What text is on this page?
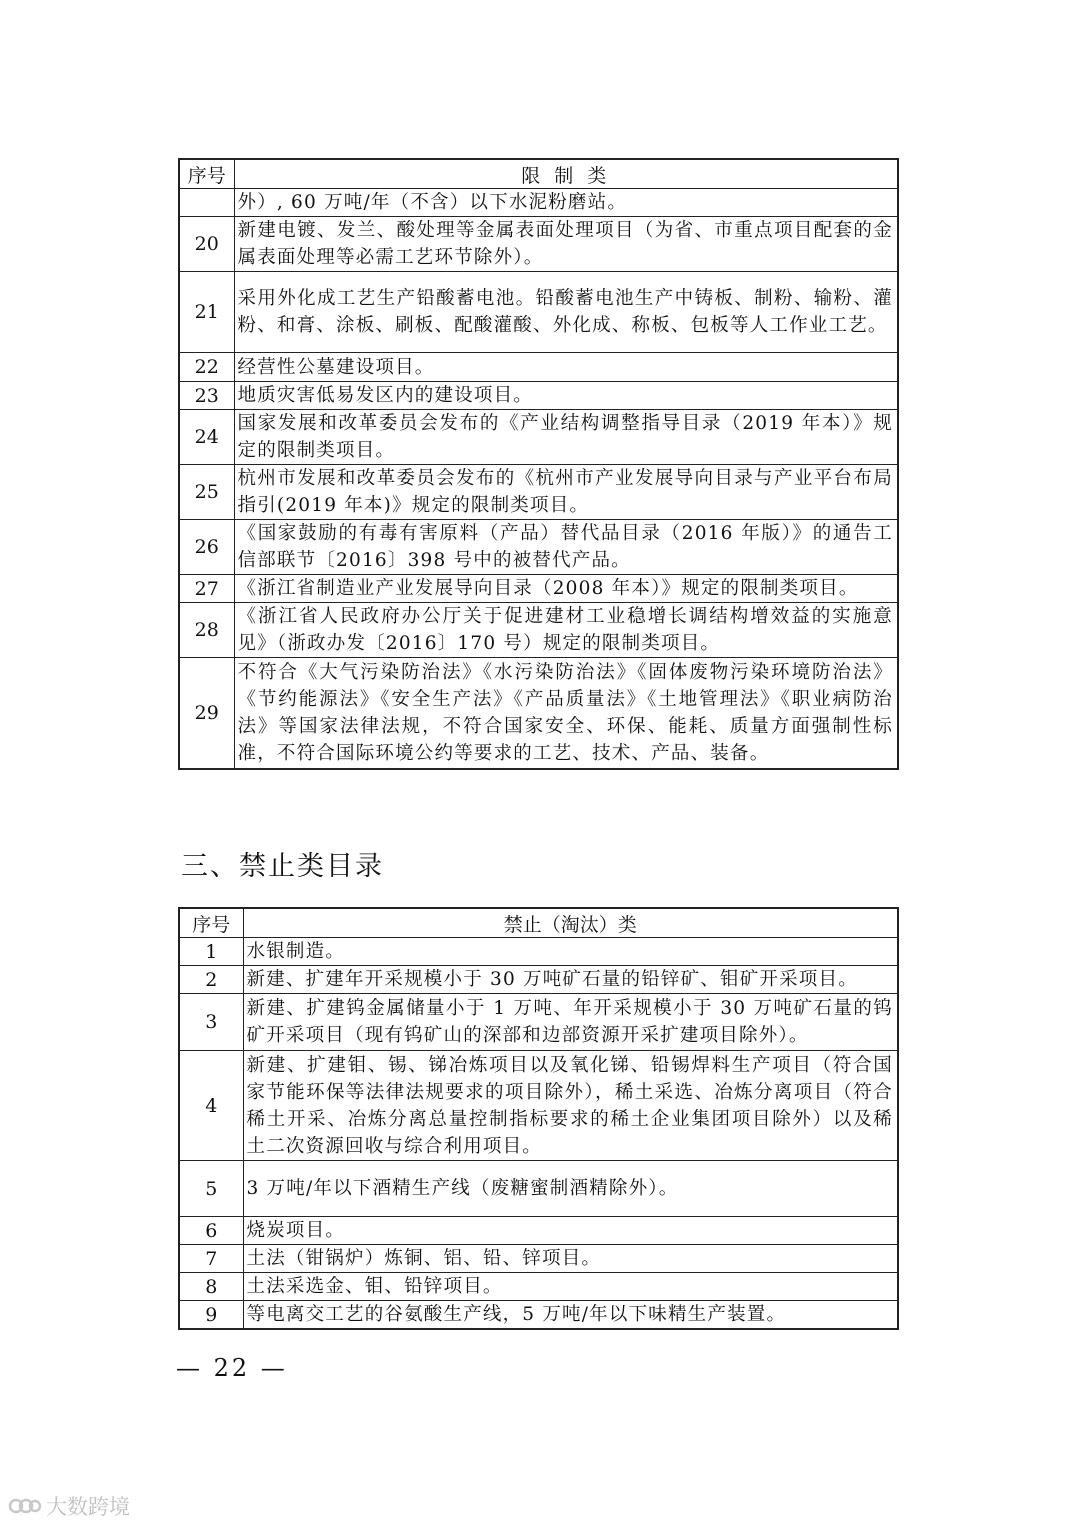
序号	限 制 类
	外）, 60 万吨/年（不含）以下水泥粉磨站。
20	新建电镀、发兰、酸处理等金属表面处理项目（为省、市重点项目配套的金属表面处理等必需工艺环节除外）。
21	采用外化成工艺生产铅酸蓄电池。铅酸蓄电池生产中铸板、制粉、输粉、灌粉、和膏、涂板、刷板、配酸灌酸、外化成、称板、包板等人工作业工艺。
22	经营性公墓建设项目。
23	地质灾害低易发区内的建设项目。
24	国家发展和改革委员会发布的《产业结构调整指导目录（2019 年本）》规定的限制类项目。
25	杭州市发展和改革委员会发布的《杭州市产业发展导向目录与产业平台布局指引(2019 年本)》规定的限制类项目。
26	《国家鼓励的有毒有害原料（产品）替代品目录（2016 年版）》的通告工信部联节〔2016〕398 号中的被替代产品。
27	《浙江省制造业产业发展导向目录（2008 年本）》规定的限制类项目。
28	《浙江省人民政府办公厅关于促进建材工业稳增长调结构增效益的实施意见》（浙政办发〔2016〕170 号）规定的限制类项目。
29	不符合《大气污染防治法》《水污染防治法》《固体废物污染环境防治法》《节约能源法》《安全生产法》《产品质量法》《土地管理法》《职业病防治法》等国家法律法规，不符合国家安全、环保、能耗、质量方面强制性标准，不符合国际环境公约等要求的工艺、技术、产品、装备。
三、禁止类目录
序号	禁止（淘汰）类
1	水银制造。
2	新建、扩建年开采规模小于 30 万吨矿石量的铅锌矿、钼矿开采项目。
3	新建、扩建钨金属储量小于 1 万吨、年开采规模小于 30 万吨矿石量的钨矿开采项目（现有钨矿山的深部和边部资源开采扩建项目除外）。
4	新建、扩建钼、锡、锑冶炼项目以及氧化锑、铅锡焊料生产项目（符合国家节能环保等法律法规要求的项目除外），稀土采选、冶炼分离项目（符合稀土开采、冶炼分离总量控制指标要求的稀土企业集团项目除外）以及稀土二次资源回收与综合利用项目。
5	3 万吨/年以下酒精生产线（废糖蜜制酒精除外）。
6	烧炭项目。
7	土法（钳锅炉）炼铜、铝、铅、锌项目。
8	土法采选金、钼、铅锌项目。
9	等电离交工艺的谷氨酸生产线，5 万吨/年以下味精生产装置。
— 22 —
大数跨境
